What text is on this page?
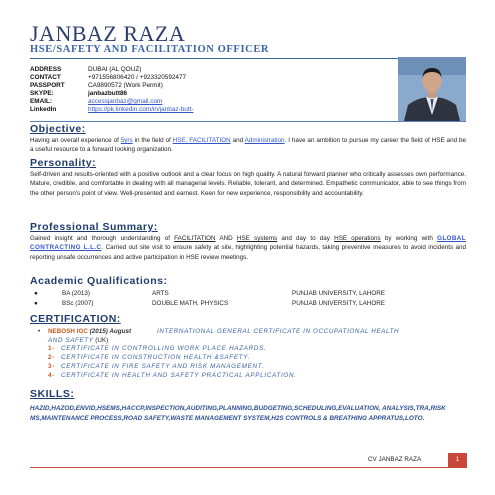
JANBAZ RAZA
HSE/SAFETY AND FACILITATION OFFICER
ADDRESS	DUBAI (AL QOUZ)
CONTACT	+971556806420 / +923320592477
PASSPORT	CA9890572 (Work Permit)
SKYPE:	janbazbutt86
EMAIL:	accessjanbaz@gmail.com
LinkedIn	https://pk.linkedin.com/in/janbaz-butt-
Objective:
Having an overall experience of 5yrs in the field of HSE, FACILITATION and Administration. I have an ambition to pursue my career the field of HSE and be a useful resource to a forward looking organization.
Personality:
Self-driven and results-oriented with a positive outlook and a clear focus on high quality. A natural forward planner who critically assesses own performance. Mature, credible, and comfortable in dealing with all managerial levels. Reliable, tolerant, and determined. Empathetic communicator, able to see things from the other person's point of view. Well-presented and earnest. Keen for new experience, responsibility and accountability.
Professional Summary:
Gained insight and thorough understanding of FACILITATION AND HSE systems and day to day HSE operations by working with GLOBAL CONTRACTING L.L.C. Carried out site visit to ensure safety at site, highlighting potential hazards, taking preventive measures to avoid incidents and reporting unsafe occurrences and active participation in HSE review meetings.
Academic Qualifications:
●	BA (2013)	ARTS	PUNJAB UNIVERSITY, LAHORE
●	BSc (2007)	DOUBLE MATH, PHYSICS	PUNJAB UNIVERSITY, LAHORE
CERTIFICATION:
• NEBOSH IGC (2015) August	INTERNATIONAL GENERAL CERTIFICATE IN OCCUPATIONAL HEALTH
AND SAFETY (UK)
1- CERTIFICATE IN CONTROLLING WORK PLACE HAZARDS.
2- CERTIFICATE IN CONSTRUCTION HEALTH &SAFETY.
3- CERTIFICATE IN FIRE SAFETY AND RISK MANAGEMENT.
4- CERTIFICATE IN HEALTH AND SAFETY PRACTICAL APPLICATION.
SKILLS:
HAZID,HAZOD,ENVID,HSEMS,HACCP,INSPECTION,AUDITING,PLANNING,BUDGETING,SCHEDULING,EVALUATION, ANALYSIS,TRA,RISK MS,MAINTENANCE PROCESS,ROAD SAFETY,WASTE MANAGEMENT SYSTEM,H2S CONTROLS & BREATHING APPRATUS,LOTO.
CV JANBAZ RAZA	1
